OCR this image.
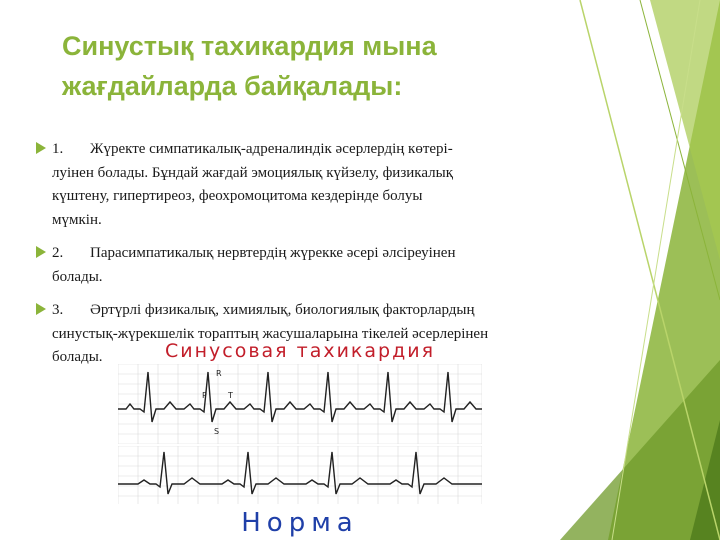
Синустық тахикардия мына
жағдайларда байқалады:
1. Жүректе симпатикалық-адреналиндік әсерлердің көтері-
луінен болады. Бұндай жағдай эмоциялық күйзелу, физикалық
күштену, гипертиреоз, феохромоцитома кездерінде болуы
мүмкін.
2. Парасимпатикалық нервтердің жүрекке әсері әлсіреуінен
болады.
3. Әртүрлі физикалық, химиялық, биологиялық факторлардың
синустық-жүрекшелік торaптың жасушаларына тікелей әсерлерінен
болады.	Синусовая тахикардия
R
P	T
S
Норма
